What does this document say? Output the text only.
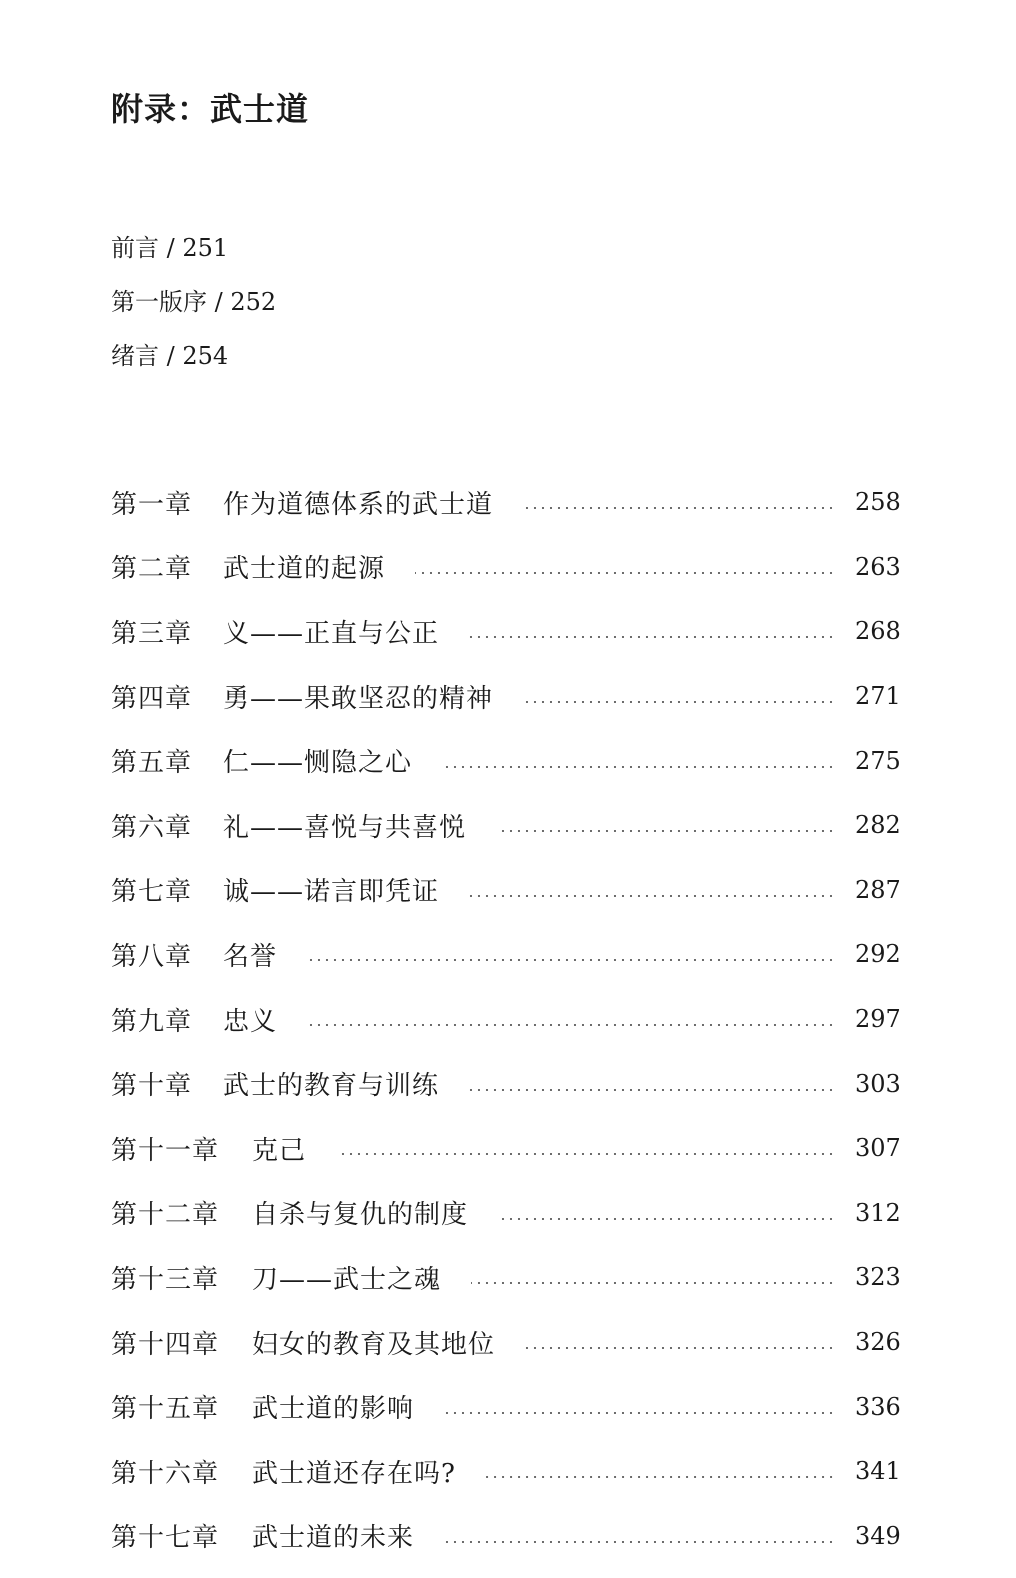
附录：武士道
前言 / 251
第一版序 / 252
绪言 / 254
第一章	作为道德体系的武士道	258
第二章	武士道的起源	263
第三章	义——正直与公正	268
第四章	勇——果敢坚忍的精神	271
第五章	仁——恻隐之心	275
第六章	礼——喜悦与共喜悦	282
第七章	诚——诺言即凭证	287
第八章	名誉	292
第九章	忠义	297
第十章	武士的教育与训练	303
第十一章	克己	307
第十二章	自杀与复仇的制度	312
第十三章	刀——武士之魂	323
第十四章	妇女的教育及其地位	326
第十五章	武士道的影响	336
第十六章	武士道还存在吗?	341
第十七章	武士道的未来	349
